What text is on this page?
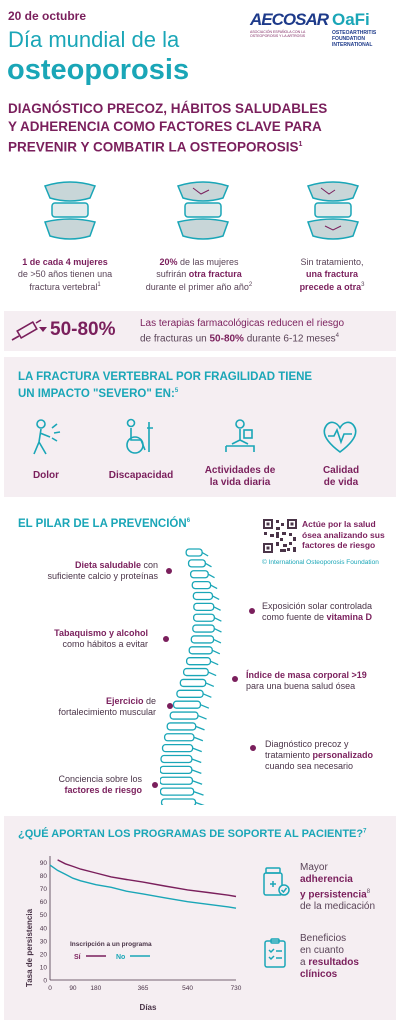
20 de octubre
Día mundial de la
osteoporosis
AECOSAR
ASOCIACIÓN ESPAÑOLA CON LA OSTEOPOROSIS Y LA ARTROSIS
OaFi
OSTEOARTHRITIS
FOUNDATION
INTERNATIONAL
DIAGNÓSTICO PRECOZ, HÁBITOS SALUDABLES
Y ADHERENCIA COMO FACTORES CLAVE PARA
PREVENIR Y COMBATIR LA OSTEOPOROSIS$^1$
1 de cada 4 mujeres
de >50 años tienen una
fractura vertebral$^1$
20% de las mujeres
sufrirán otra fractura
durante el primer año año$^2$
Sin tratamiento,
una fractura
precede a otra$^3$
50-80% Las terapias farmacológicas reducen el riesgo
de fracturas un 50-80% durante 6-12 meses$^4$
LA FRACTURA VERTEBRAL POR FRAGILIDAD TIENE
UN IMPACTO "SEVERO" EN:$^5$
Dolor	Discapacidad	Actividades de
la vida diaria
Calidad
de vida
EL PILAR DE LA PREVENCIÓN$^6$	Actúe por la salud
ósea analizando sus
factores de riesgo
© International Osteoporosis Foundation
Dieta saludable con
suficiente calcio y proteínas
Exposición solar controlada
como fuente de vitamina D
Tabaquismo y alcohol
como hábitos a evitar
Índice de masa corporal >19
para una buena salud ósea
Ejercicio de
fortalecimiento muscular
Diagnóstico precoz y
tratamiento personalizado
cuando sea necesario
Conciencia sobre los
factores de riesgo
¿QUÉ APORTAN LOS PROGRAMAS DE SOPORTE AL PACIENTE?$^7$
Tasa de persistencia 0
10
20
30
40
50
60
70
80
90
0	90 180	365	540	730
Días
Inscripción a un programa
Sí	No
Mayor
adherencia
y persistencia$^8$
de la medicación
Beneficios
en cuanto
a resultados
clínicos
